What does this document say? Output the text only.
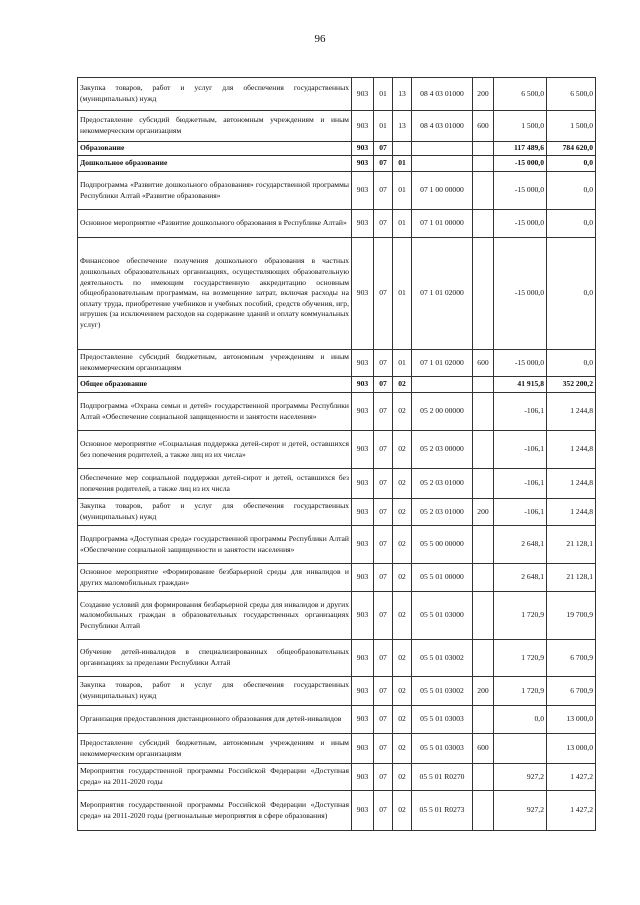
96
Закупка товаров, работ и услуг для обеспечения государственных (муниципальных) нужд	903	01	13	08 4 03 01000	200	6 500,0	6 500,0
Предоставление субсидий бюджетным, автономным учреждениям и иным некоммерческим организациям	903	01	13	08 4 03 01000	600	1 500,0	1 500,0
Образование	903	07				117 489,6	784 620,0
Дошкольное образование	903	07	01			-15 000,0	0,0
Подпрограмма «Развитие дошкольного образования» государственной программы Республики Алтай «Развитие образования»	903	07	01	07 1 00 00000		-15 000,0	0,0
Основное мероприятие «Развитие дошкольного образования в Республике Алтай»	903	07	01	07 1 01 00000		-15 000,0	0,0
Финансовое обеспечение получения дошкольного образования в частных дошкольных образовательных организациях, осуществляющих образовательную деятельность по имеющим государственную аккредитацию основным общеобразовательным программам, на возмещение затрат, включая расходы на оплату труда, приобретение учебников и учебных пособий, средств обучения, игр, игрушек (за исключением расходов на содержание зданий и оплату коммунальных услуг)	903	07	01	07 1 01 02000		-15 000,0	0,0
Предоставление субсидий бюджетным, автономным учреждениям и иным некоммерческим организациям	903	07	01	07 1 01 02000	600	-15 000,0	0,0
Общее образование	903	07	02			41 915,8	352 200,2
Подпрограмма «Охрана семьи и детей» государственной программы Республики Алтай «Обеспечение социальной защищенности и занятости населения»	903	07	02	05 2 00 00000		-106,1	1 244,8
Основное мероприятие «Социальная поддержка детей-сирот и детей, оставшихся без попечения родителей, а также лиц из их числа»	903	07	02	05 2 03 00000		-106,1	1 244,8
Обеспечение мер социальной поддержки детей-сирот и детей, оставшихся без попечения родителей, а также лиц из их числа	903	07	02	05 2 03 01000		-106,1	1 244,8
Закупка товаров, работ и услуг для обеспечения государственных (муниципальных) нужд	903	07	02	05 2 03 01000	200	-106,1	1 244,8
Подпрограмма «Доступная среда» государственной программы Республики Алтай «Обеспечение социальной защищенности и занятости населения»	903	07	02	05 5 00 00000		2 648,1	21 128,1
Основное мероприятие «Формирование безбарьерной среды для инвалидов и других маломобильных граждан»	903	07	02	05 5 01 00000		2 648,1	21 128,1
Создание условий для формирования безбарьерной среды для инвалидов и других маломобильных граждан в образовательных государственных организациях Республики Алтай	903	07	02	05 5 01 03000		1 720,9	19 700,9
Обучение детей-инвалидов в специализированных общеобразовательных организациях за пределами Республики Алтай	903	07	02	05 5 01 03002		1 720,9	6 700,9
Закупка товаров, работ и услуг для обеспечения государственных (муниципальных) нужд	903	07	02	05 5 01 03002	200	1 720,9	6 700,9
Организация предоставления дистанционного образования для детей-инвалидов	903	07	02	05 5 01 03003		0,0	13 000,0
Предоставление субсидий бюджетным, автономным учреждениям и иным некоммерческим организациям	903	07	02	05 5 01 03003	600		13 000,0
Мероприятия государственной программы Российской Федерации «Доступная среда» на 2011-2020 годы	903	07	02	05 5 01 R0270		927,2	1 427,2
Мероприятия государственной программы Российской Федерации «Доступная среда» на 2011-2020 годы (региональные мероприятия в сфере образования)	903	07	02	05 5 01 R0273		927,2	1 427,2
